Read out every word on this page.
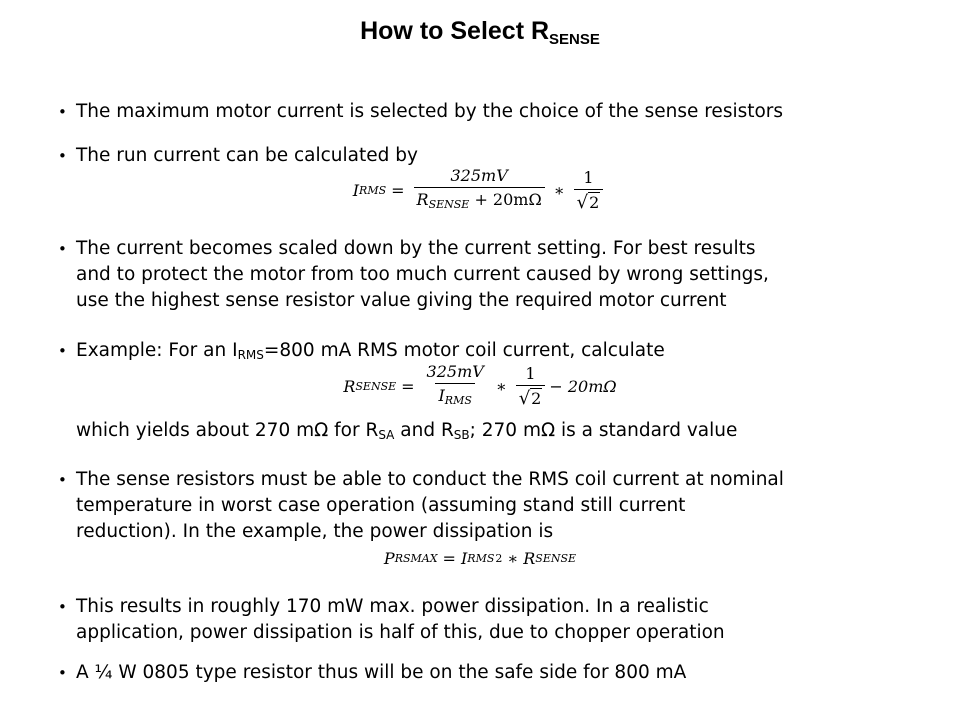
How to Select $R_{SENSE}$
• The maximum motor current is selected by the choice of the sense resistors
• The run current can be calculated by
I RMS = $\frac{325mV}{\text{RSENSE + 20mΩ}}$ ∗ $\frac{1}{√ 2}$
• The current becomes scaled down by the current setting. For best results
and to protect the motor from too much current caused by wrong settings,
use the highest sense resistor value giving the required motor current
• Example: For an $I_{RMS}=800$ mA RMS motor coil current, calculate
R SENSE = $\frac{325mV}{\text{IRMS}}$ ∗ $\frac{1}{√ 2} - 20m\Omega$
which yields about 270 mΩ for $R_{SA}$ and $R_{SB}$; 270 mΩ is a standard value
• The sense resistors must be able to conduct the RMS coil current at nominal
temperature in worst case operation (assuming stand still current
reduction). In the example, the power dissipation is
P RSMAX = I RMS 2 ∗ R SENSE
• This results in roughly 170 mW max. power dissipation. In a realistic
application, power dissipation is half of this, due to chopper operation
• A ¼ W 0805 type resistor thus will be on the safe side for 800 mA
